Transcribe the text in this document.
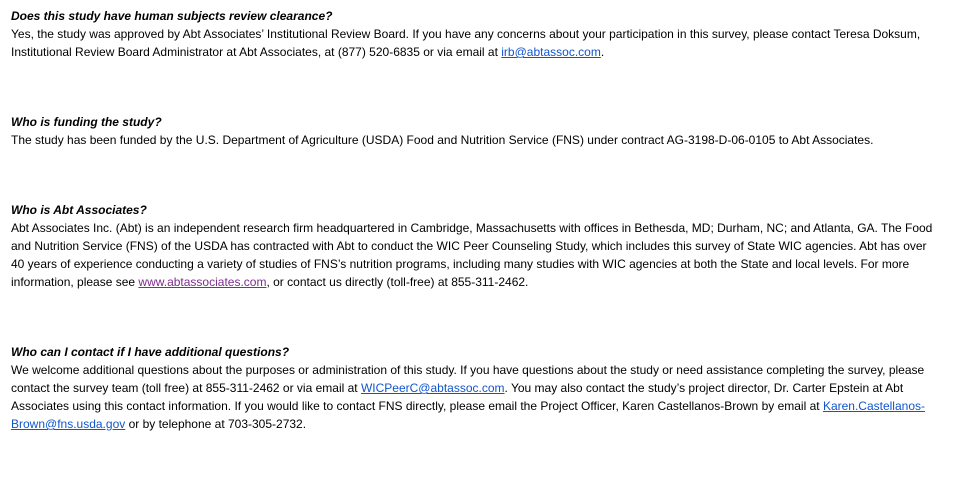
Does this study have human subjects review clearance?

Yes, the study was approved by Abt Associates’ Institutional Review Board. If you have any concerns about your participation in this survey, please contact Teresa Doksum, Institutional Review Board Administrator at Abt Associates, at (877) 520-6835 or via email at irb@abtassoc.com.

Who is funding the study?

The study has been funded by the U.S. Department of Agriculture (USDA) Food and Nutrition Service (FNS) under contract AG-3198-D-06-0105 to Abt Associates.

Who is Abt Associates?

Abt Associates Inc. (Abt) is an independent research firm headquartered in Cambridge, Massachusetts with offices in Bethesda, MD; Durham, NC; and Atlanta, GA. The Food and Nutrition Service (FNS) of the USDA has contracted with Abt to conduct the WIC Peer Counseling Study, which includes this survey of State WIC agencies. Abt has over 40 years of experience conducting a variety of studies of FNS’s nutrition programs, including many studies with WIC agencies at both the State and local levels. For more information, please see www.abtassociates.com, or contact us directly (toll-free) at 855-311-2462.

Who can I contact if I have additional questions?

We welcome additional questions about the purposes or administration of this study. If you have questions about the study or need assistance completing the survey, please contact the survey team (toll free) at 855-311-2462 or via email at WICPeerC@abtassoc.com. You may also contact the study’s project director, Dr. Carter Epstein at Abt Associates using this contact information. If you would like to contact FNS directly, please email the Project Officer, Karen Castellanos-Brown by email at Karen.Castellanos-Brown@fns.usda.gov or by telephone at 703-305-2732.
